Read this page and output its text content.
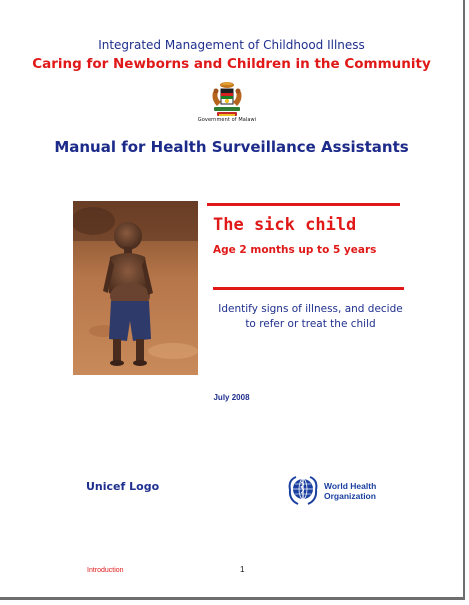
Integrated Management of Childhood Illness
Caring for Newborns and Children in the Community
Government of Malawi
Manual for Health Surveillance Assistants
The sick child
Age 2 months up to 5 years
Identify signs of illness, and decide to refer or treat the child
July 2008
Unicef Logo	World Health
Organization
Introduction	1
